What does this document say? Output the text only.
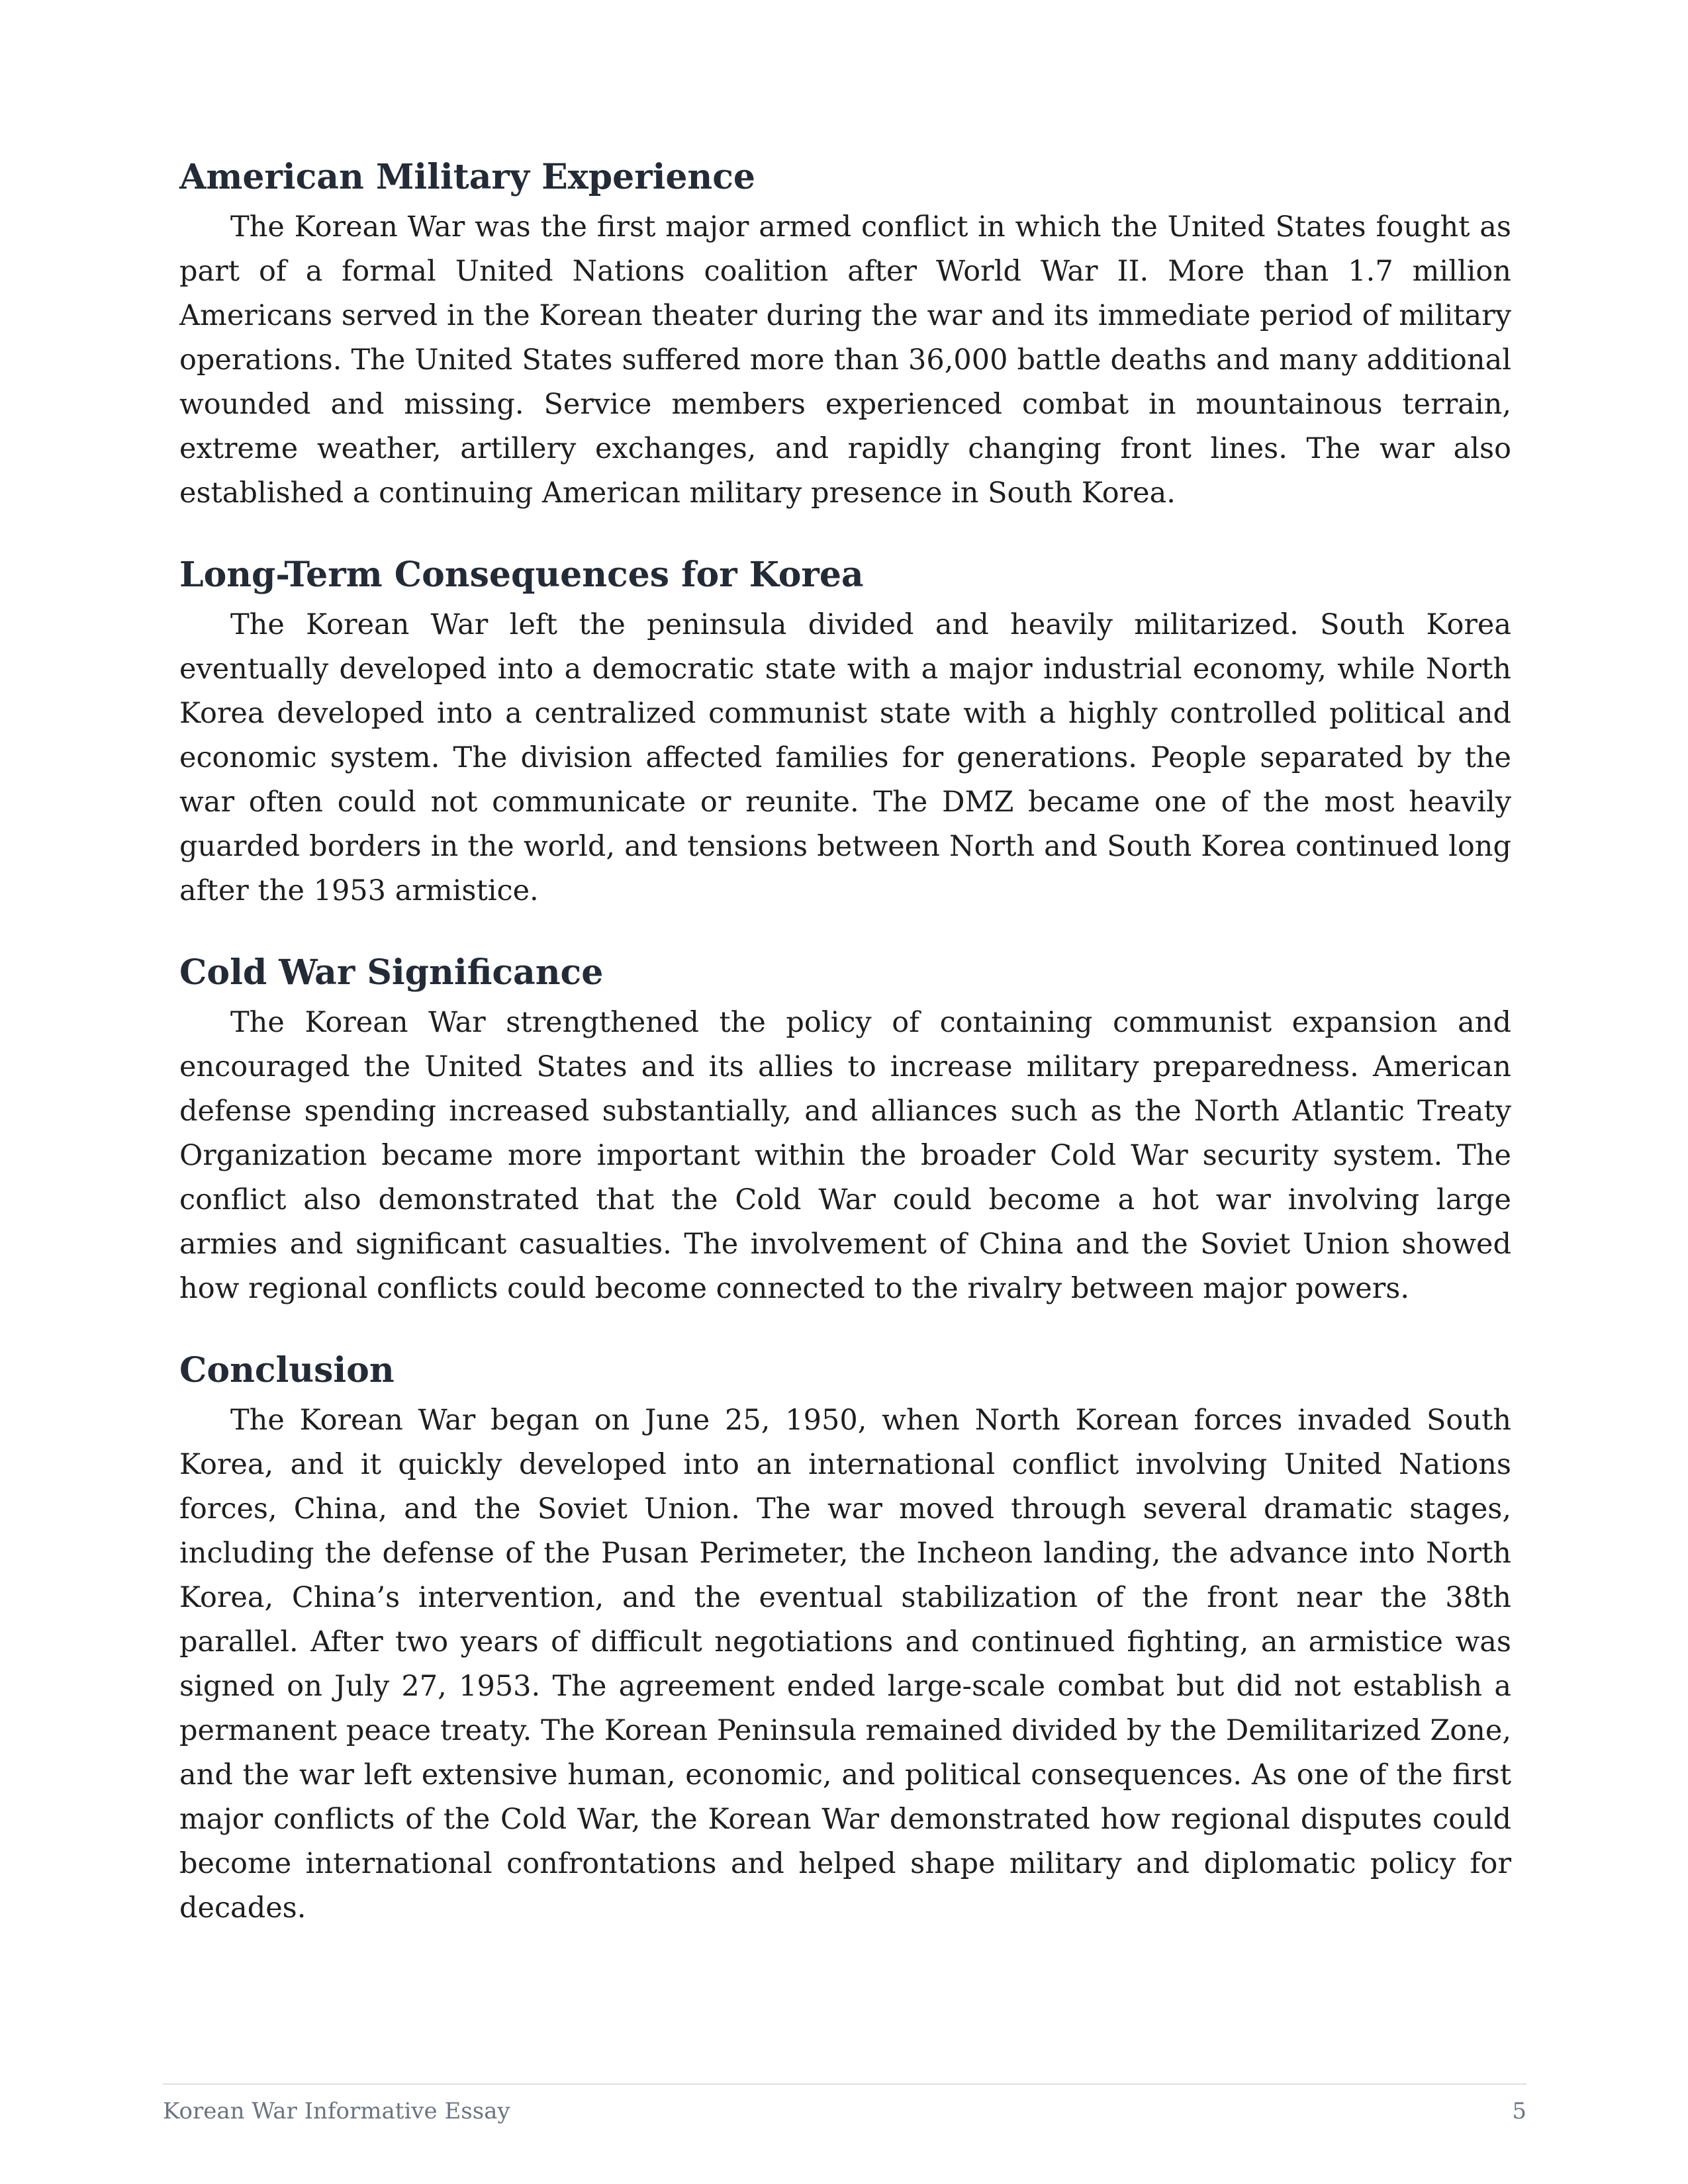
American Military Experience

The Korean War was the first major armed conflict in which the United States fought as part of a formal United Nations coalition after World War II. More than 1.7 million Americans served in the Korean theater during the war and its immediate period of military operations. The United States suffered more than 36,000 battle deaths and many additional wounded and missing. Service members experienced combat in mountainous terrain, extreme weather, artillery exchanges, and rapidly changing front lines. The war also established a continuing American military presence in South Korea.

Long-Term Consequences for Korea

The Korean War left the peninsula divided and heavily militarized. South Korea eventually developed into a democratic state with a major industrial economy, while North Korea developed into a centralized communist state with a highly controlled political and economic system. The division affected families for generations. People separated by the war often could not communicate or reunite. The DMZ became one of the most heavily guarded borders in the world, and tensions between North and South Korea continued long after the 1953 armistice.

Cold War Significance

The Korean War strengthened the policy of containing communist expansion and encouraged the United States and its allies to increase military preparedness. American defense spending increased substantially, and alliances such as the North Atlantic Treaty Organization became more important within the broader Cold War security system. The conflict also demonstrated that the Cold War could become a hot war involving large armies and significant casualties. The involvement of China and the Soviet Union showed how regional conflicts could become connected to the rivalry between major powers.

Conclusion

The Korean War began on June 25, 1950, when North Korean forces invaded South Korea, and it quickly developed into an international conflict involving United Nations forces, China, and the Soviet Union. The war moved through several dramatic stages, including the defense of the Pusan Perimeter, the Incheon landing, the advance into North Korea, China’s intervention, and the eventual stabilization of the front near the 38th parallel. After two years of difficult negotiations and continued fighting, an armistice was signed on July 27, 1953. The agreement ended large-scale combat but did not establish a permanent peace treaty. The Korean Peninsula remained divided by the Demilitarized Zone, and the war left extensive human, economic, and political consequences. As one of the first major conflicts of the Cold War, the Korean War demonstrated how regional disputes could become international confrontations and helped shape military and diplomatic policy for decades.

Korean War Informative Essay	5
